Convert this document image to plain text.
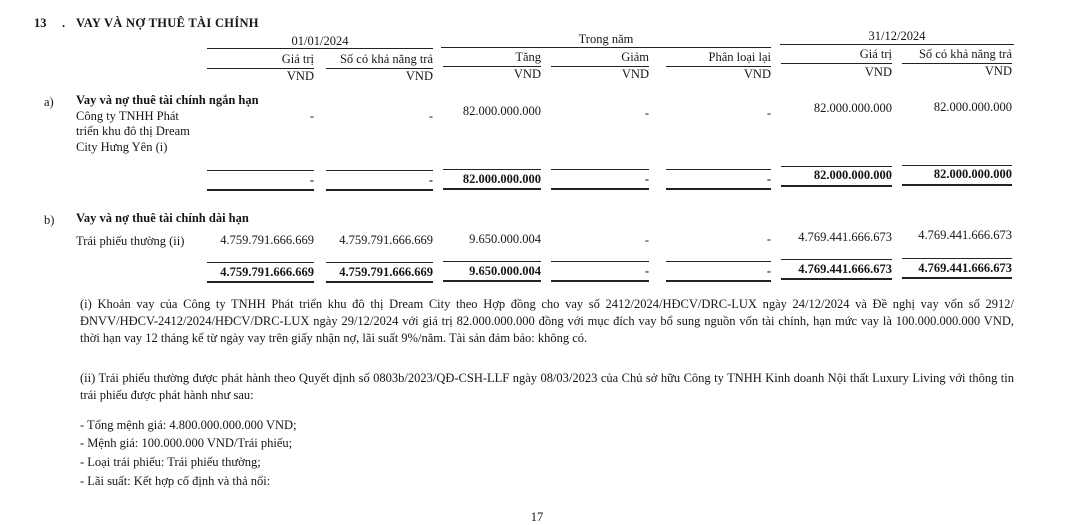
13 . VAY VÀ NỢ THUÊ TÀI CHÍNH
01/01/2024	Trong năm	31/12/2024
Giá trị	Số có khả năng trả	Tăng	Giảm	Phân loại lại	Giá trị	Số có khả năng trả
VND	VND	VND	VND	VND	VND	VND
a) Vay và nợ thuê tài chính ngắn hạn
Công ty TNHH Phát
triển khu đô thị Dream
City Hưng Yên (i)
-	-	82.000.000.000	-	-	82.000.000.000	82.000.000.000
-	-	82.000.000.000	-	-	82.000.000.000	82.000.000.000
b) Vay và nợ thuê tài chính dài hạn
Trái phiếu thường (ii)	4.759.791.666.669	4.759.791.666.669	9.650.000.004	-	-	4.769.441.666.673	4.769.441.666.673
4.759.791.666.669	4.759.791.666.669	9.650.000.004	-	-	4.769.441.666.673	4.769.441.666.673
(i) Khoản vay của Công ty TNHH Phát triển khu đô thị Dream City theo Hợp đồng cho vay số 2412/2024/HĐCV/DRC-LUX ngày 24/12/2024 và Đề nghị vay vốn số 2912/ĐNVV/HĐCV-2412/2024/HĐCV/DRC-LUX ngày 29/12/2024 với giá trị 82.000.000.000 đồng với mục đích vay bổ sung nguồn vốn tài chính, hạn mức vay là 100.000.000.000 VND, thời hạn vay 12 tháng kể từ ngày vay trên giấy nhận nợ, lãi suất 9%/năm. Tài sản đảm bảo: không có.
(ii) Trái phiếu thường được phát hành theo Quyết định số 0803b/2023/QĐ-CSH-LLF ngày 08/03/2023 của Chủ sở hữu Công ty TNHH Kinh doanh Nội thất Luxury Living với thông tin trái phiếu được phát hành như sau:
- Tổng mệnh giá: 4.800.000.000.000 VND;
- Mệnh giá: 100.000.000 VND/Trái phiếu;
- Loại trái phiếu: Trái phiếu thường;
- Lãi suất: Kết hợp cố định và thả nổi:
17
